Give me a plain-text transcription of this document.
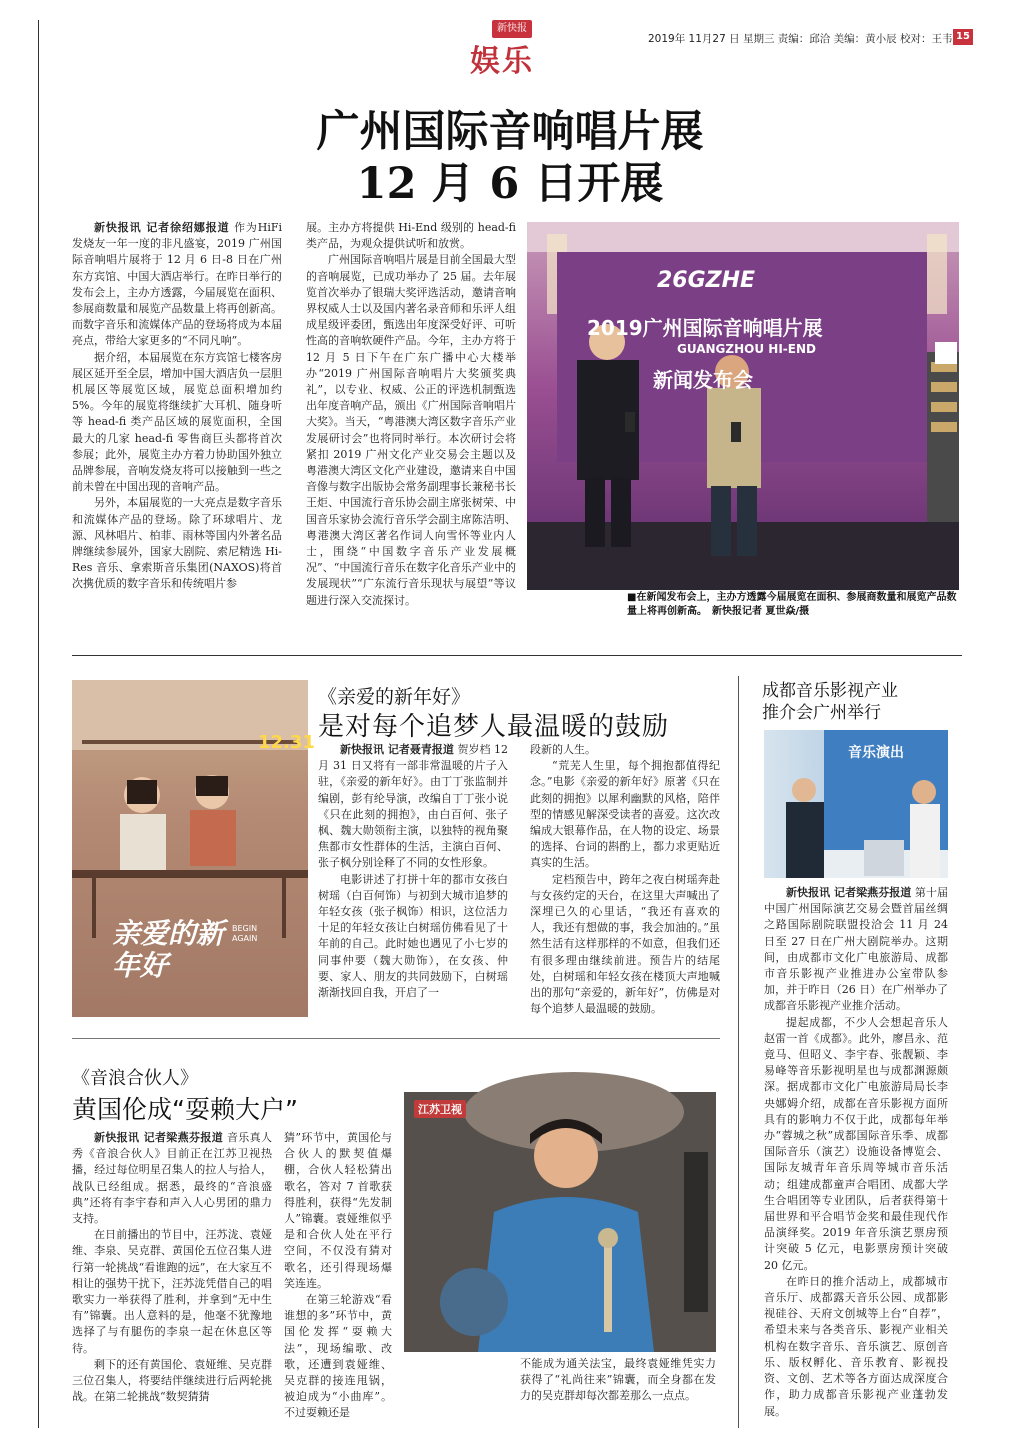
新快报
娱乐
2019年 11月27 日 星期三 责编：邱洽 美编：黄小辰 校对：王韦 15
广州国际音响唱片展
12 月 6 日开展

新快报讯 记者徐绍娜报道 作为HiFi 发烧友一年一度的非凡盛宴，2019 广州国际音响唱片展将于 12 月 6 日-8 日在广州东方宾馆、中国大酒店举行。在昨日举行的发布会上，主办方透露，今届展览在面积、参展商数量和展览产品数量上将再创新高。而数字音乐和流媒体产品的登场将成为本届亮点，带给大家更多的“不同凡响”。

据介绍，本届展览在东方宾馆七楼客房展区延开至全层，增加中国大酒店负一层胆机展区等展览区域，展览总面积增加约 5%。今年的展览将继续扩大耳机、随身听等 head-fi 类产品区域的展览面积，全国最大的几家 head-fi 零售商巨头都将首次参展；此外，展览主办方着力协助国外独立品牌参展，音响发烧友将可以接触到一些之前未曾在中国出现的音响产品。

另外，本届展览的一大亮点是数字音乐和流媒体产品的登场。除了环球唱片、龙源、风林唱片、柏菲、雨林等国内外著名品牌继续参展外，国家大剧院、索尼精选 Hi-Res 音乐、拿索斯音乐集团(NAXOS)将首次携优质的数字音乐和传统唱片参

展。主办方将提供 Hi-End 级别的 head-fi 类产品，为观众提供试听和放赏。

广州国际音响唱片展是目前全国最大型的音响展览，已成功举办了 25 届。去年展览首次举办了银瑞大奖评选活动，邀请音响界权威人士以及国内著名录音师和乐评人组成星级评委团，甄选出年度深受好评、可听性高的音响软硬件产品。今年，主办方将于 12 月 5 日下午在广东广播中心大楼举办“2019 广州国际音响唱片大奖颁奖典礼”，以专业、权威、公正的评选机制甄选出年度音响产品，颁出《广州国际音响唱片大奖》。当天，“粤港澳大湾区数字音乐产业发展研讨会”也将同时举行。本次研讨会将紧扣 2019 广州文化产业交易会主题以及粤港澳大湾区文化产业建设，邀请来自中国音像与数字出版协会常务副理事长兼秘书长王炬、中国流行音乐协会副主席张树荣、中国音乐家协会流行音乐学会副主席陈洁明、粤港澳大湾区著名作词人向雪怀等业内人士，围绕“中国数字音乐产业发展概况”、“中国流行音乐在数字化音乐产业中的发展现状”“广东流行音乐现状与展望”等议题进行深入交流探讨。

26GZHE
2019广州国际音响唱片展
GUANGZHOU HI-END
新闻发布会
■在新闻发布会上，主办方透露今届展览在面积、参展商数量和展览产品数量上将再创新高。　 新快报记者 夏世焱/摄
12.31
亲爱的新年好
BEGIN AGAIN
《亲爱的新年好》
是对每个追梦人最温暖的鼓励

新快报讯 记者聂青报道 贺岁档 12 月 31 日又将有一部非常温暖的片子入驻，《亲爱的新年好》。由丁丁张监制并编剧，彭有纶导演，改编自丁丁张小说《只在此刻的拥抱》，由白百何、张子枫、魏大勋领衔主演，以独特的视角聚焦都市女性群体的生活，主演白百何、张子枫分别诠释了不同的女性形象。

电影讲述了打拼十年的都市女孩白树瑶（白百何饰）与初到大城市追梦的年轻女孩（张子枫饰）相识，这位活力十足的年轻女孩让白树瑶仿佛看见了十年前的自己。此时她也遇见了小七岁的同事仲要（魏大勋饰），在女孩、仲要、家人、朋友的共同鼓励下，白树瑶渐渐找回自我，开启了一

段新的人生。

“荒芜人生里，每个拥抱都值得纪念。”电影《亲爱的新年好》原著《只在此刻的拥抱》以犀利幽默的风格，陪伴型的情感见解深受读者的喜爱。这次改编成大银幕作品，在人物的设定、场景的选择、台词的斟酌上，都力求更贴近真实的生活。

定档预告中，跨年之夜白树瑶奔赴与女孩约定的天台，在这里大声喊出了深埋已久的心里话，“我还有喜欢的人，我还有想做的事，我会加油的。”虽然生活有这样那样的不如意，但我们还有很多理由继续前进。预告片的结尾处，白树瑶和年轻女孩在楼顶大声地喊出的那句“亲爱的，新年好”，仿佛是对每个追梦人最温暖的鼓励。

成都音乐影视产业
推介会广州举行
音乐演出

新快报讯 记者梁燕芬报道 第十届中国广州国际演艺交易会暨首届丝绸之路国际剧院联盟投洽会 11 月 24 日至 27 日在广州大剧院举办。这期间，由成都市文化广电旅游局、成都市音乐影视产业推进办公室带队参加，并于昨日（26 日）在广州举办了成都音乐影视产业推介活动。

提起成都，不少人会想起音乐人赵雷一首《成都》。此外，廖昌永、范竟马、但昭义、李宇春、张靓颖、李易峰等音乐影视明星也与成都渊源颇深。据成都市文化广电旅游局局长李央娜姆介绍，成都在音乐影视方面所具有的影响力不仅于此，成都每年举办“蓉城之秋”成都国际音乐季、成都国际音乐（演艺）设施设备博览会、国际友城青年音乐周等城市音乐活动；组建成都童声合唱团、成都大学生合唱团等专业团队，后者获得第十届世界和平合唱节金奖和最佳现代作品演绎奖。2019 年音乐演艺票房预计突破 5 亿元，电影票房预计突破 20 亿元。

在昨日的推介活动上，成都城市音乐厅、成都露天音乐公园、成都影视硅谷、天府文创城等上台“自荐”，希望未来与各类音乐、影视产业相关机构在数字音乐、音乐演艺、原创音乐、版权孵化、音乐教育、影视投资、文创、艺术等各方面达成深度合作，助力成都音乐影视产业蓬勃发展。

《音浪合伙人》
黄国伦成“耍赖大户”

新快报讯 记者梁燕芬报道 音乐真人秀《音浪合伙人》目前正在江苏卫视热播，经过每位明星召集人的拉人与拾人，战队已经组成。据悉，最终的“音浪盛典”还将有李宇春和声入人心男团的鼎力支持。

在日前播出的节目中，汪苏泷、袁娅维、李泉、吴克群、黄国伦五位召集人进行第一轮挑战“看谁跑的远”，在大家互不相让的强势干扰下，汪苏泷凭借自己的唱歌实力一举获得了胜利，并拿到“无中生有”锦囊。出人意料的是，他毫不犹豫地选择了与有腿伤的李泉一起在休息区等待。

剩下的还有黄国伦、袁娅维、吴克群三位召集人，将要结伴继续进行后两轮挑战。在第二轮挑战“数契猜猜

猜”环节中，黄国伦与合伙人的默契值爆棚，合伙人轻松猜出歌名，答对 7 首歌获得胜利，获得“先发制人”锦囊。袁娅维似乎是和合伙人处在平行空间，不仅没有猜对歌名，还引得现场爆笑连连。

在第三轮游戏“看谁想的多”环节中，黄国伦发挥“耍赖大法”，现场编歌、改歌，还遭到袁娅维、吴克群的接连甩锅，被迫成为“小曲库”。不过耍赖还是

江苏卫视

不能成为通关法宝，最终袁娅维凭实力获得了“礼尚往来”锦囊，而全身都在发力的吴克群却每次都差那么一点点。
